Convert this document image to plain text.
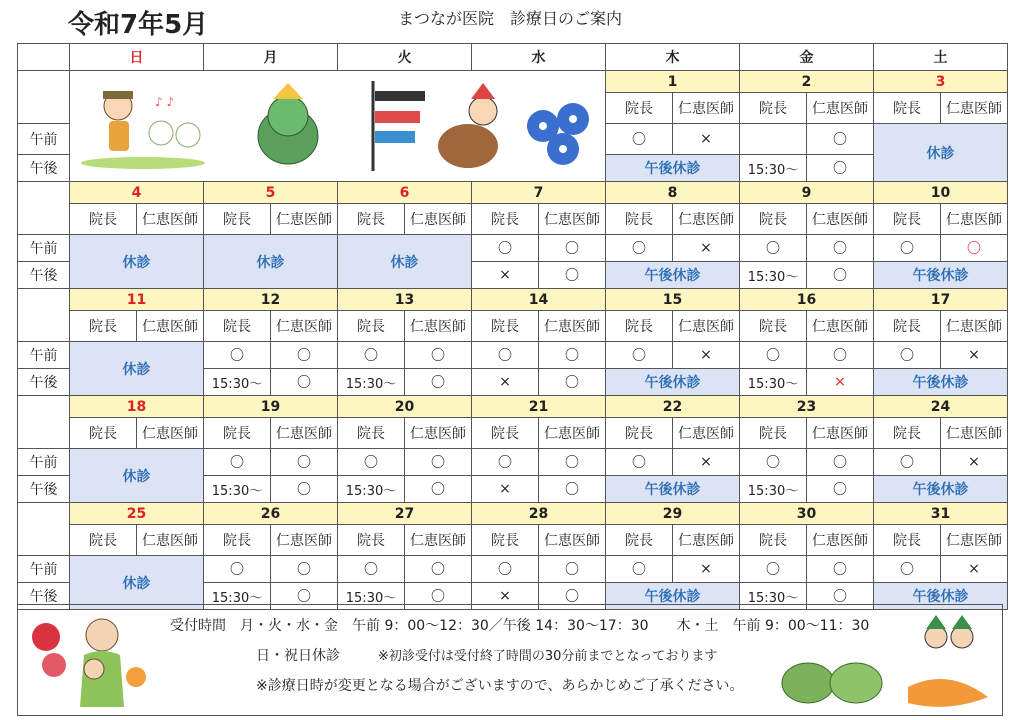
令和7年5月	まつなが医院　診療日のご案内
	日		月		火		水		木		金		土	

♪ ♪								1		2		3	
									院長	仁恵医師	院長	仁恵医師	院長	仁恵医師
午前									〇	×		〇	休診	
午後									午後休診		15:30〜	〇		
	4		5		6		7		8		9		10	
	院長	仁恵医師	院長	仁恵医師	院長	仁恵医師	院長	仁恵医師	院長	仁恵医師	院長	仁恵医師	院長	仁恵医師
午前	休診		休診		休診		〇	〇	〇	×	〇	〇	〇	〇
午後							×	〇	午後休診		15:30〜	〇	午後休診	
	11		12		13		14		15		16		17	
	院長	仁恵医師	院長	仁恵医師	院長	仁恵医師	院長	仁恵医師	院長	仁恵医師	院長	仁恵医師	院長	仁恵医師
午前	休診		〇	〇	〇	〇	〇	〇	〇	×	〇	〇	〇	×
午後			15:30〜	〇	15:30〜	〇	×	〇	午後休診		15:30〜	×	午後休診	
	18		19		20		21		22		23		24	
	院長	仁恵医師	院長	仁恵医師	院長	仁恵医師	院長	仁恵医師	院長	仁恵医師	院長	仁恵医師	院長	仁恵医師
午前	休診		〇	〇	〇	〇	〇	〇	〇	×	〇	〇	〇	×
午後			15:30〜	〇	15:30〜	〇	×	〇	午後休診		15:30〜	〇	午後休診	
	25		26		27		28		29		30		31	
	院長	仁恵医師	院長	仁恵医師	院長	仁恵医師	院長	仁恵医師	院長	仁恵医師	院長	仁恵医師	院長	仁恵医師
午前	休診		〇	〇	〇	〇	〇	〇	〇	×	〇	〇	〇	×
午後			15:30〜	〇	15:30〜	〇	×	〇	午後休診		15:30〜	〇	午後休診	
受付時間　月・火・水・金　午前 9：00〜12：30／午後 14：30〜17：30　　木・土　午前 9：00〜11：30
日・祝日休診	※初診受付は受付終了時間の30分前までとなっております
※診療日時が変更となる場合がございますので、あらかじめご了承ください。
